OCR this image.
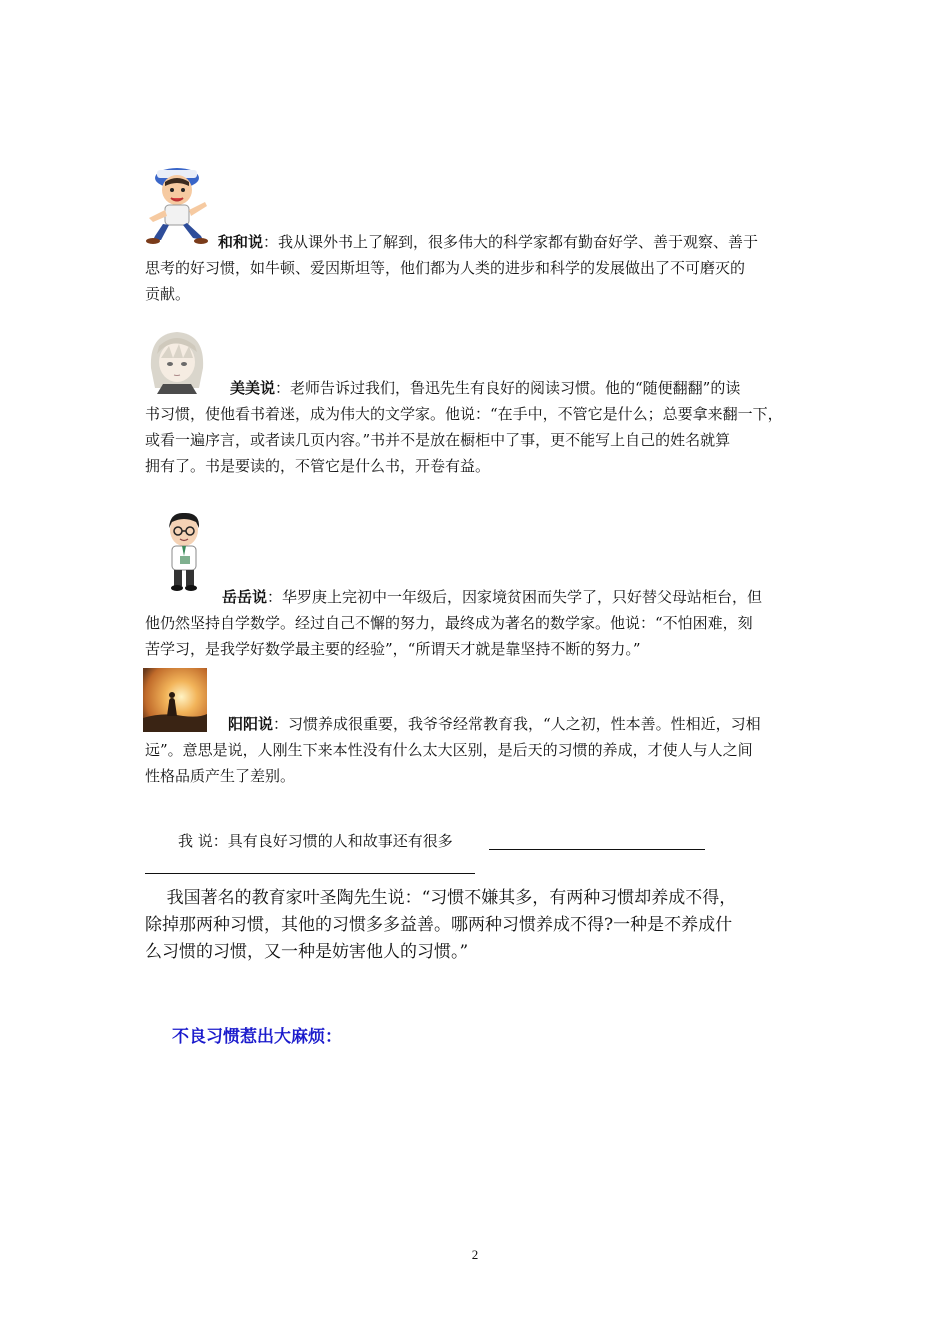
和和说：我从课外书上了解到，很多伟大的科学家都有勤奋好学、善于观察、善于
思考的好习惯，如牛顿、爱因斯坦等，他们都为人类的进步和科学的发展做出了不可磨灭的
贡献。
美美说：老师告诉过我们，鲁迅先生有良好的阅读习惯。他的“随便翻翻”的读
书习惯，使他看书着迷，成为伟大的文学家。他说：“在手中，不管它是什么；总要拿来翻一下，
或看一遍序言，或者读几页内容。”书并不是放在橱柜中了事，更不能写上自己的姓名就算
拥有了。书是要读的，不管它是什么书，开卷有益。
岳岳说：华罗庚上完初中一年级后，因家境贫困而失学了，只好替父母站柜台，但
他仍然坚持自学数学。经过自己不懈的努力，最终成为著名的数学家。他说：“不怕困难，刻
苦学习，是我学好数学最主要的经验”，“所谓天才就是靠坚持不断的努力。”
阳阳说：习惯养成很重要，我爷爷经常教育我，“人之初，性本善。性相近，习相
远”。意思是说，人刚生下来本性没有什么太大区别，是后天的习惯的养成，才使人与人之间
性格品质产生了差别。
我 说：具有良好习惯的人和故事还有很多
我国著名的教育家叶圣陶先生说：“习惯不嫌其多，有两种习惯却养成不得，
除掉那两种习惯，其他的习惯多多益善。哪两种习惯养成不得?一种是不养成什
么习惯的习惯，又一种是妨害他人的习惯。”
不良习惯惹出大麻烦：
2
